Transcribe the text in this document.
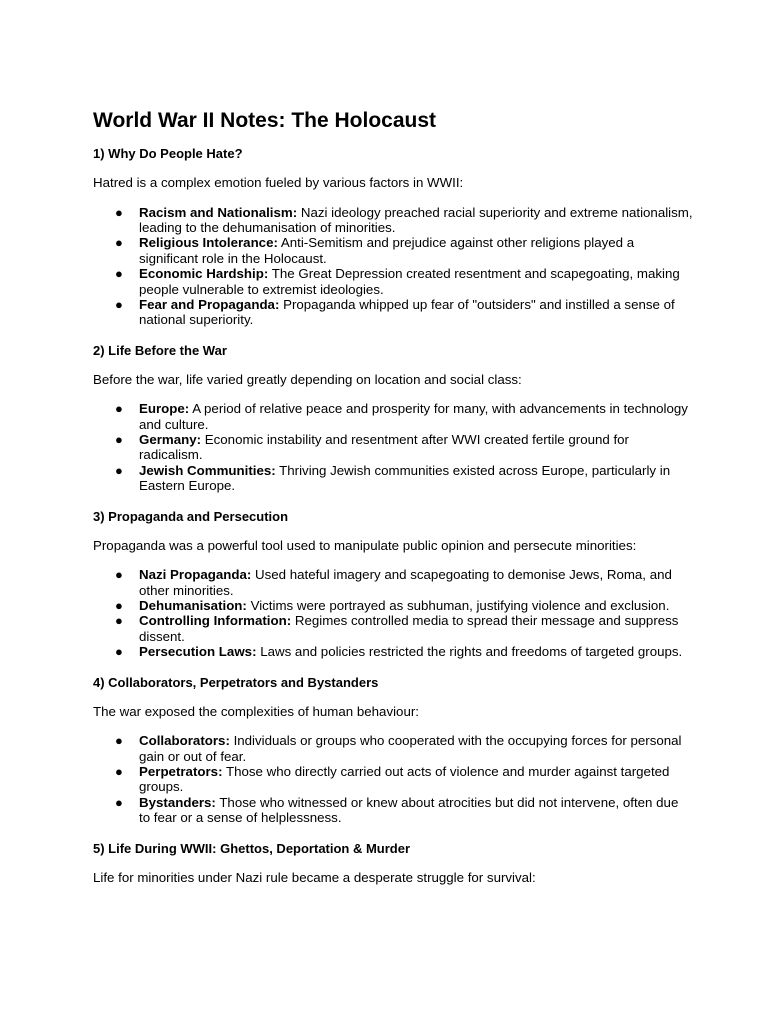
World War II Notes: The Holocaust
1) Why Do People Hate?

Hatred is a complex emotion fueled by various factors in WWII:

● Racism and Nationalism: Nazi ideology preached racial superiority and extreme nationalism, leading to the dehumanisation of minorities.
● Religious Intolerance: Anti-Semitism and prejudice against other religions played a significant role in the Holocaust.
● Economic Hardship: The Great Depression created resentment and scapegoating, making people vulnerable to extremist ideologies.
● Fear and Propaganda: Propaganda whipped up fear of "outsiders" and instilled a sense of national superiority.
2) Life Before the War

Before the war, life varied greatly depending on location and social class:

● Europe: A period of relative peace and prosperity for many, with advancements in technology and culture.
● Germany: Economic instability and resentment after WWI created fertile ground for radicalism.
● Jewish Communities: Thriving Jewish communities existed across Europe, particularly in Eastern Europe.
3) Propaganda and Persecution

Propaganda was a powerful tool used to manipulate public opinion and persecute minorities:

● Nazi Propaganda: Used hateful imagery and scapegoating to demonise Jews, Roma, and other minorities.
● Dehumanisation: Victims were portrayed as subhuman, justifying violence and exclusion.
● Controlling Information: Regimes controlled media to spread their message and suppress dissent.
● Persecution Laws: Laws and policies restricted the rights and freedoms of targeted groups.
4) Collaborators, Perpetrators and Bystanders

The war exposed the complexities of human behaviour:

● Collaborators: Individuals or groups who cooperated with the occupying forces for personal gain or out of fear.
● Perpetrators: Those who directly carried out acts of violence and murder against targeted groups.
● Bystanders: Those who witnessed or knew about atrocities but did not intervene, often due to fear or a sense of helplessness.
5) Life During WWII: Ghettos, Deportation & Murder

Life for minorities under Nazi rule became a desperate struggle for survival:
